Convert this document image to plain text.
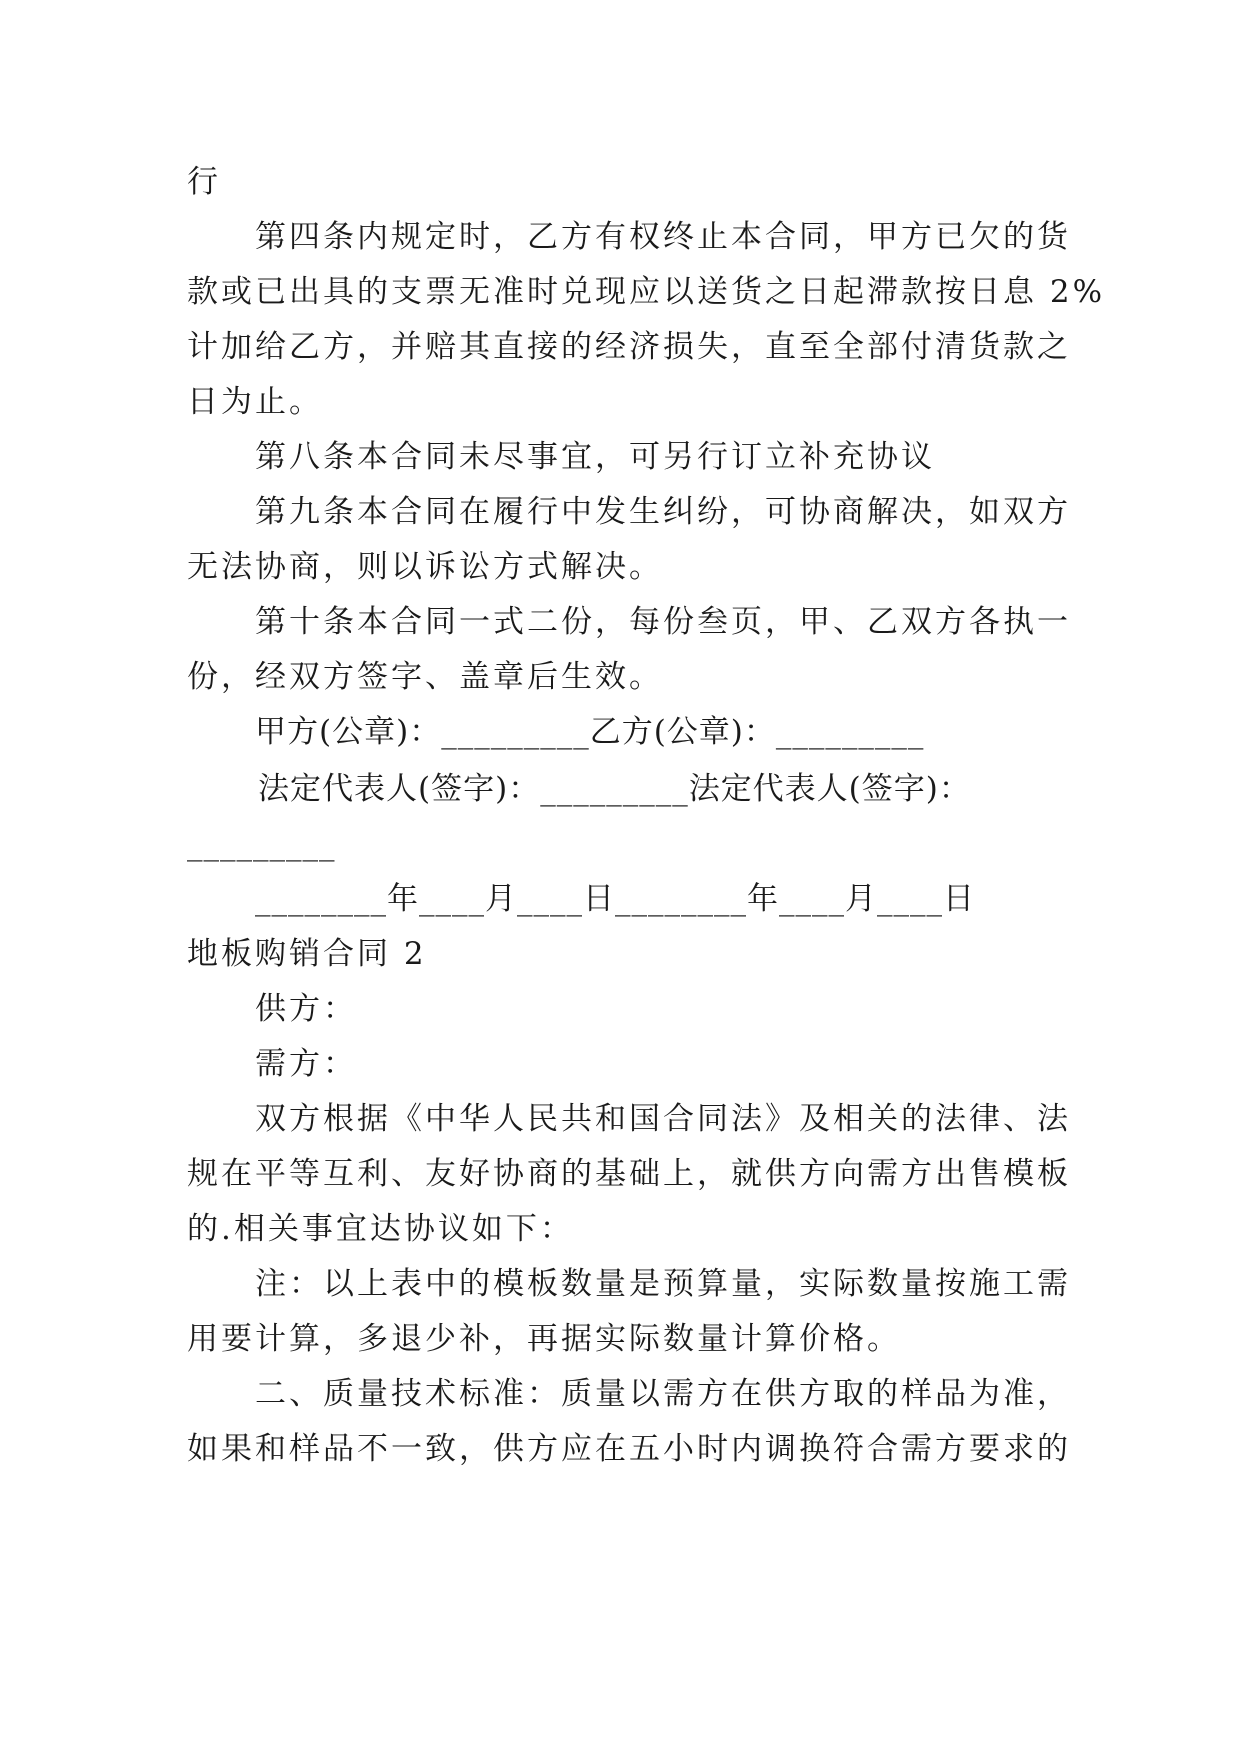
行
第四条内规定时，乙方有权终止本合同，甲方已欠的货
款或已出具的支票无准时兑现应以送货之日起滞款按日息 2%
计加给乙方，并赔其直接的经济损失，直至全部付清货款之
日为止。
第八条本合同未尽事宜，可另行订立补充协议
第九条本合同在履行中发生纠纷，可协商解决，如双方
无法协商，则以诉讼方式解决。
第十条本合同一式二份，每份叁页，甲、乙双方各执一
份，经双方签字、盖章后生效。
甲方(公章)：_________乙方(公章)：_________
法定代表人(签字)：_________法定代表人(签字)：
_________
________年____月____日________年____月____日
地板购销合同 2
供方：
需方：
双方根据《中华人民共和国合同法》及相关的法律、法
规在平等互利、友好协商的基础上，就供方向需方出售模板
的.相关事宜达协议如下：
注：以上表中的模板数量是预算量，实际数量按施工需
用要计算，多退少补，再据实际数量计算价格。
二、质量技术标准：质量以需方在供方取的样品为准，
如果和样品不一致，供方应在五小时内调换符合需方要求的
